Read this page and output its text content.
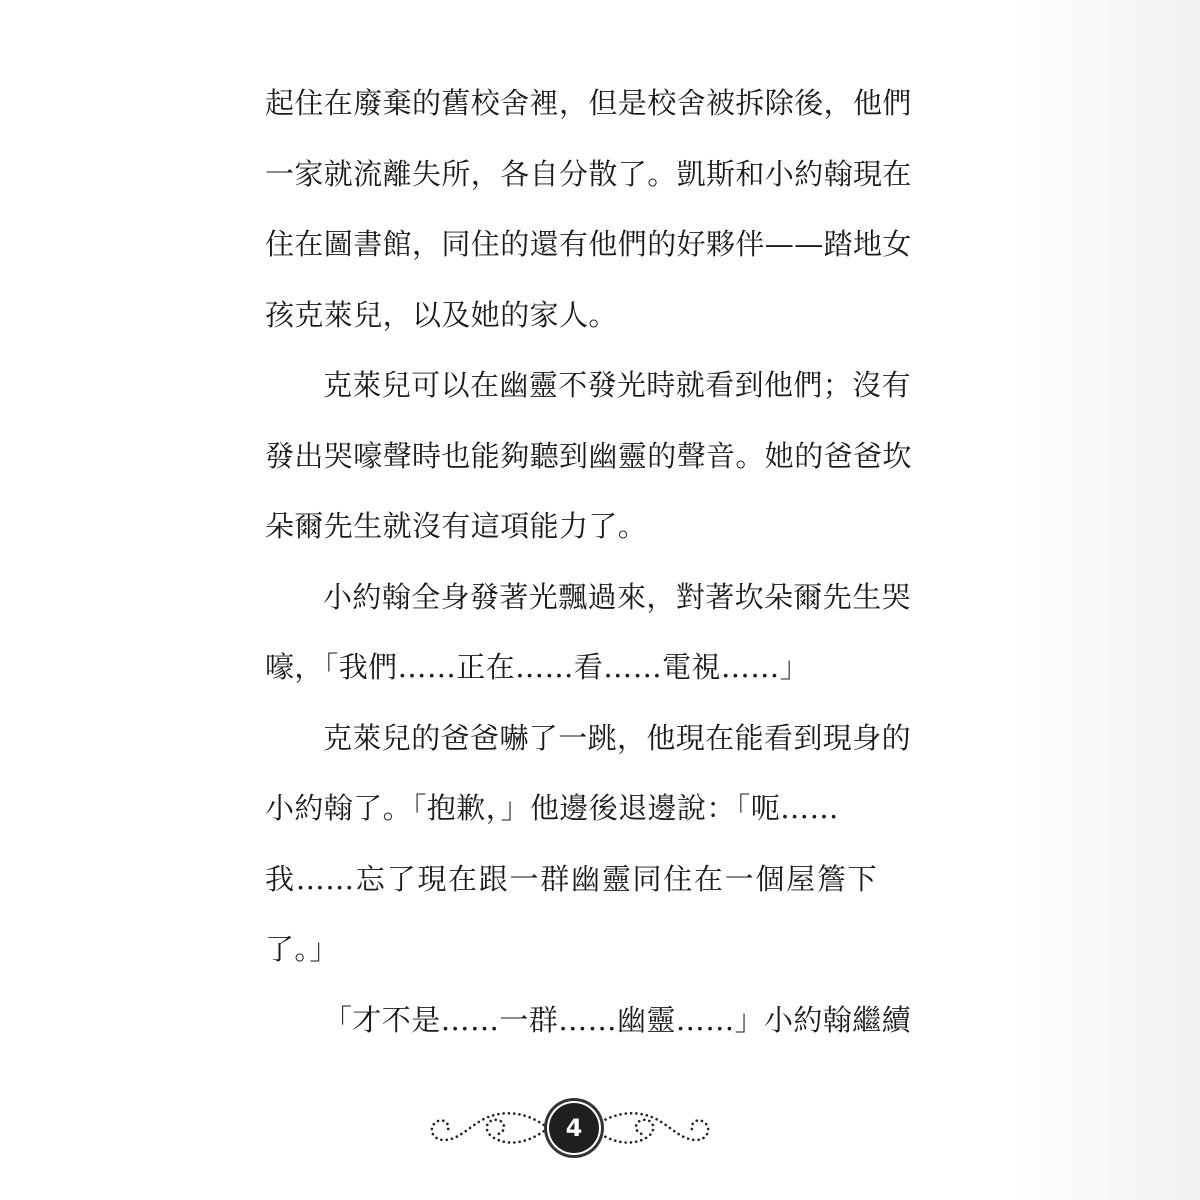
起住在廢棄的舊校舍裡，但是校舍被拆除後，他們
一家就流離失所，各自分散了。凱斯和小約翰現在
住在圖書館，同住的還有他們的好夥伴——踏地女
孩克萊兒，以及她的家人。
克萊兒可以在幽靈不發光時就看到他們；沒有
發出哭嚎聲時也能夠聽到幽靈的聲音。她的爸爸坎
朵爾先生就沒有這項能力了。
小約翰全身發著光飄過來，對著坎朵爾先生哭
嚎，「我們……正在……看……電視……」
克萊兒的爸爸嚇了一跳，他現在能看到現身的
小約翰了。「抱歉，」他邊後退邊說：「呃……
我……忘了現在跟一群幽靈同住在一個屋簷下
了。」
「才不是……一群……幽靈……」小約翰繼續
4
